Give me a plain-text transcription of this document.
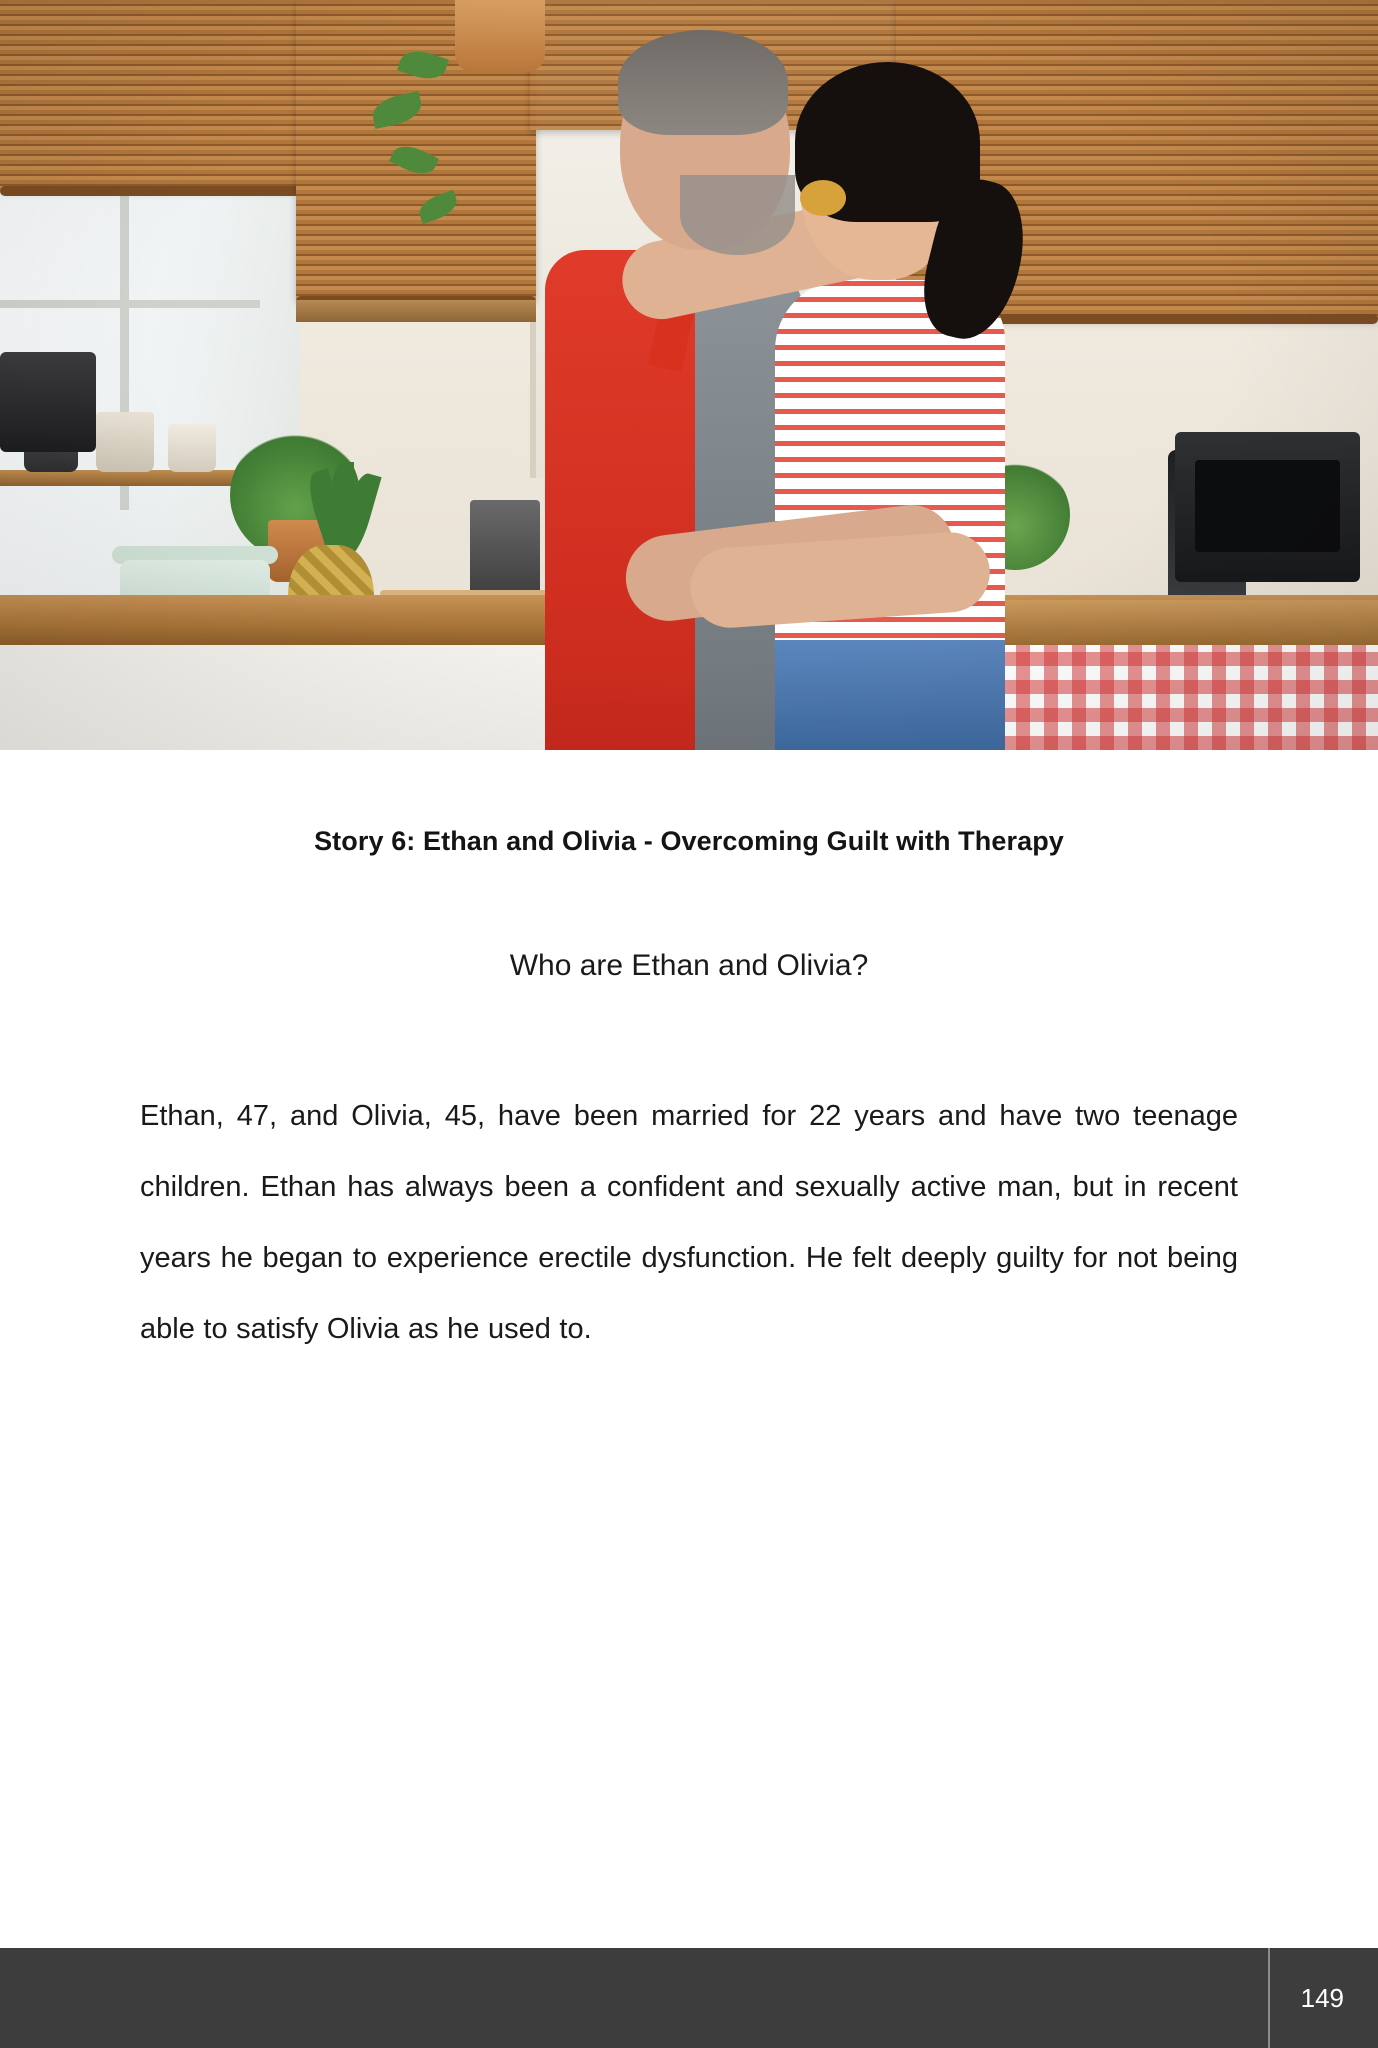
Story 6: Ethan and Olivia - Overcoming Guilt with Therapy

Who are Ethan and Olivia?

Ethan, 47, and Olivia, 45, have been married for 22 years and have two teenage children. Ethan has always been a confident and sexually active man, but in recent years he began to experience erectile dysfunction. He felt deeply guilty for not being able to satisfy Olivia as he used to.

149
